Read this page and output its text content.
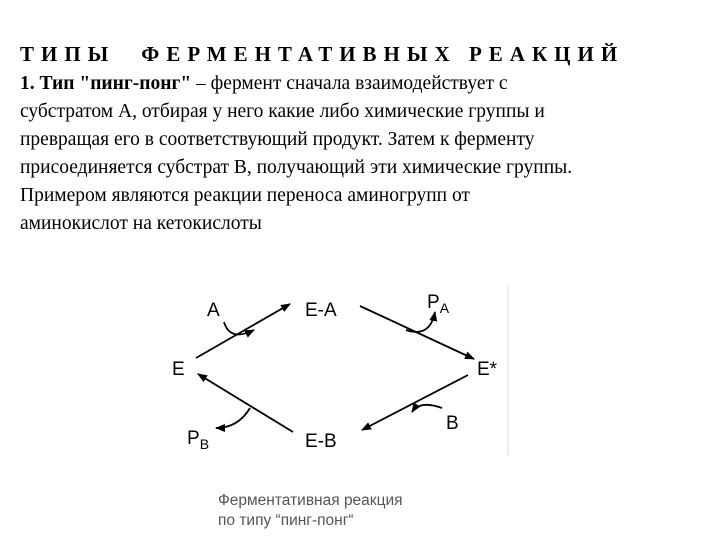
ТИПЫ ФЕРМЕНТАТИВНЫХ РЕАКЦИЙ
1. Тип "пинг-понг" – фермент сначала взаимодействует с
субстратом А, отбирая у него какие либо химические группы и
превращая его в соответствующий продукт. Затем к ферменту
присоединяется субстрат В, получающий эти химические группы.
Примером являются реакции переноса аминогрупп от
аминокислот на кетокислоты
E
E-A
A	$P_A$
E*
B
E-B
$P_B$
Ферментативная реакция
по типу “пинг-понг“
